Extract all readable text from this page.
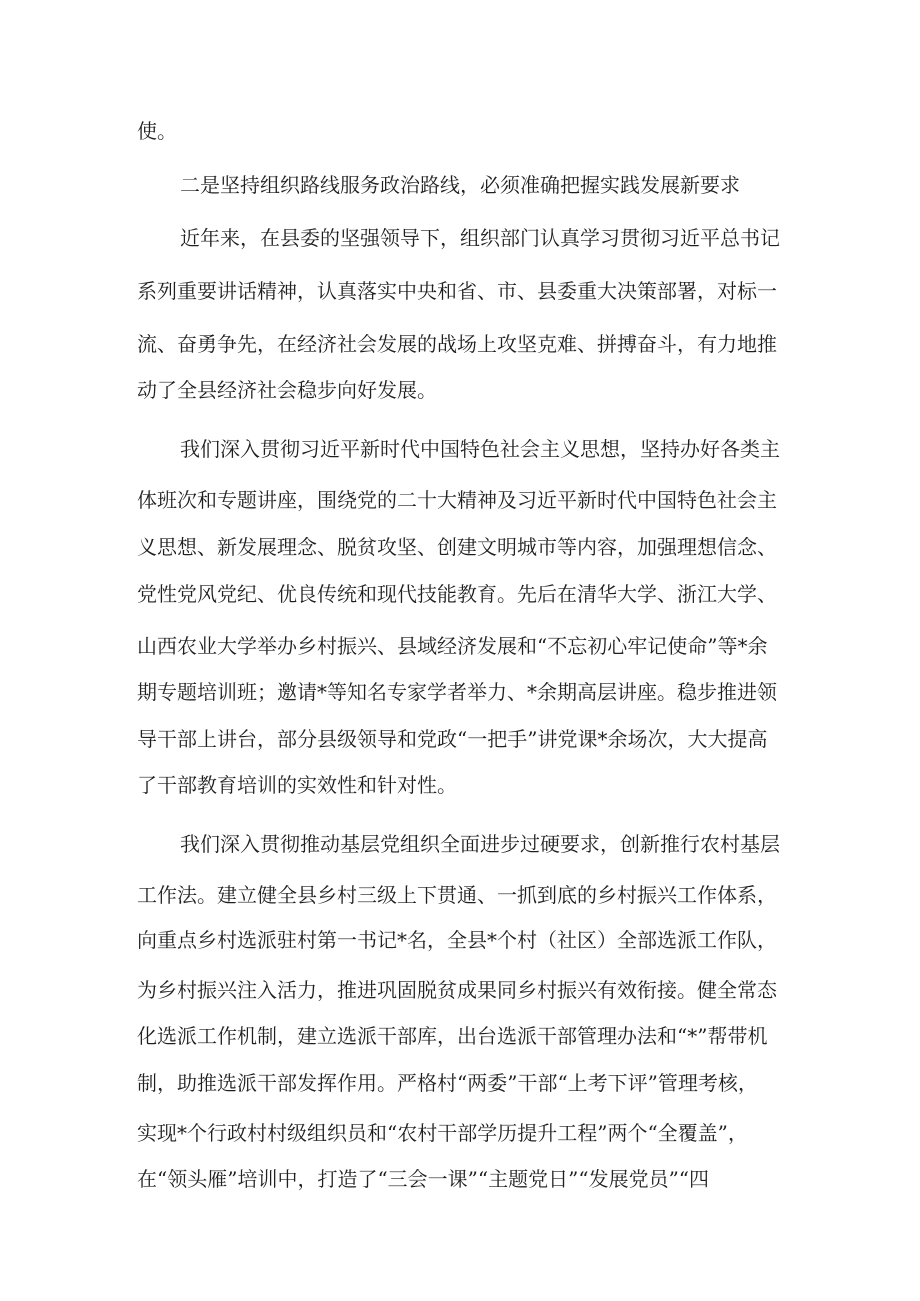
使。
二是坚持组织路线服务政治路线，必须准确把握实践发展新要求
近年来，在县委的坚强领导下，组织部门认真学习贯彻习近平总书记
系列重要讲话精神，认真落实中央和省、市、县委重大决策部署，对标一
流、奋勇争先，在经济社会发展的战场上攻坚克难、拼搏奋斗，有力地推
动了全县经济社会稳步向好发展。
我们深入贯彻习近平新时代中国特色社会主义思想，坚持办好各类主
体班次和专题讲座，围绕党的二十大精神及习近平新时代中国特色社会主
义思想、新发展理念、脱贫攻坚、创建文明城市等内容，加强理想信念、
党性党风党纪、优良传统和现代技能教育。先后在清华大学、浙江大学、
山西农业大学举办乡村振兴、县域经济发展和“不忘初心牢记使命”等*余
期专题培训班；邀请*等知名专家学者举力、*余期高层讲座。稳步推进领
导干部上讲台，部分县级领导和党政“一把手”讲党课*余场次，大大提高
了干部教育培训的实效性和针对性。
我们深入贯彻推动基层党组织全面进步过硬要求，创新推行农村基层
工作法。建立健全县乡村三级上下贯通、一抓到底的乡村振兴工作体系，
向重点乡村选派驻村第一书记*名，全县*个村（社区）全部选派工作队，
为乡村振兴注入活力，推进巩固脱贫成果同乡村振兴有效衔接。健全常态
化选派工作机制，建立选派干部库，出台选派干部管理办法和“*”帮带机
制，助推选派干部发挥作用。严格村“两委”干部“上考下评”管理考核，
实现*个行政村村级组织员和“农村干部学历提升工程”两个“全覆盖”，
在“领头雁”培训中，打造了“三会一课”“主题党日”“发展党员”“四
